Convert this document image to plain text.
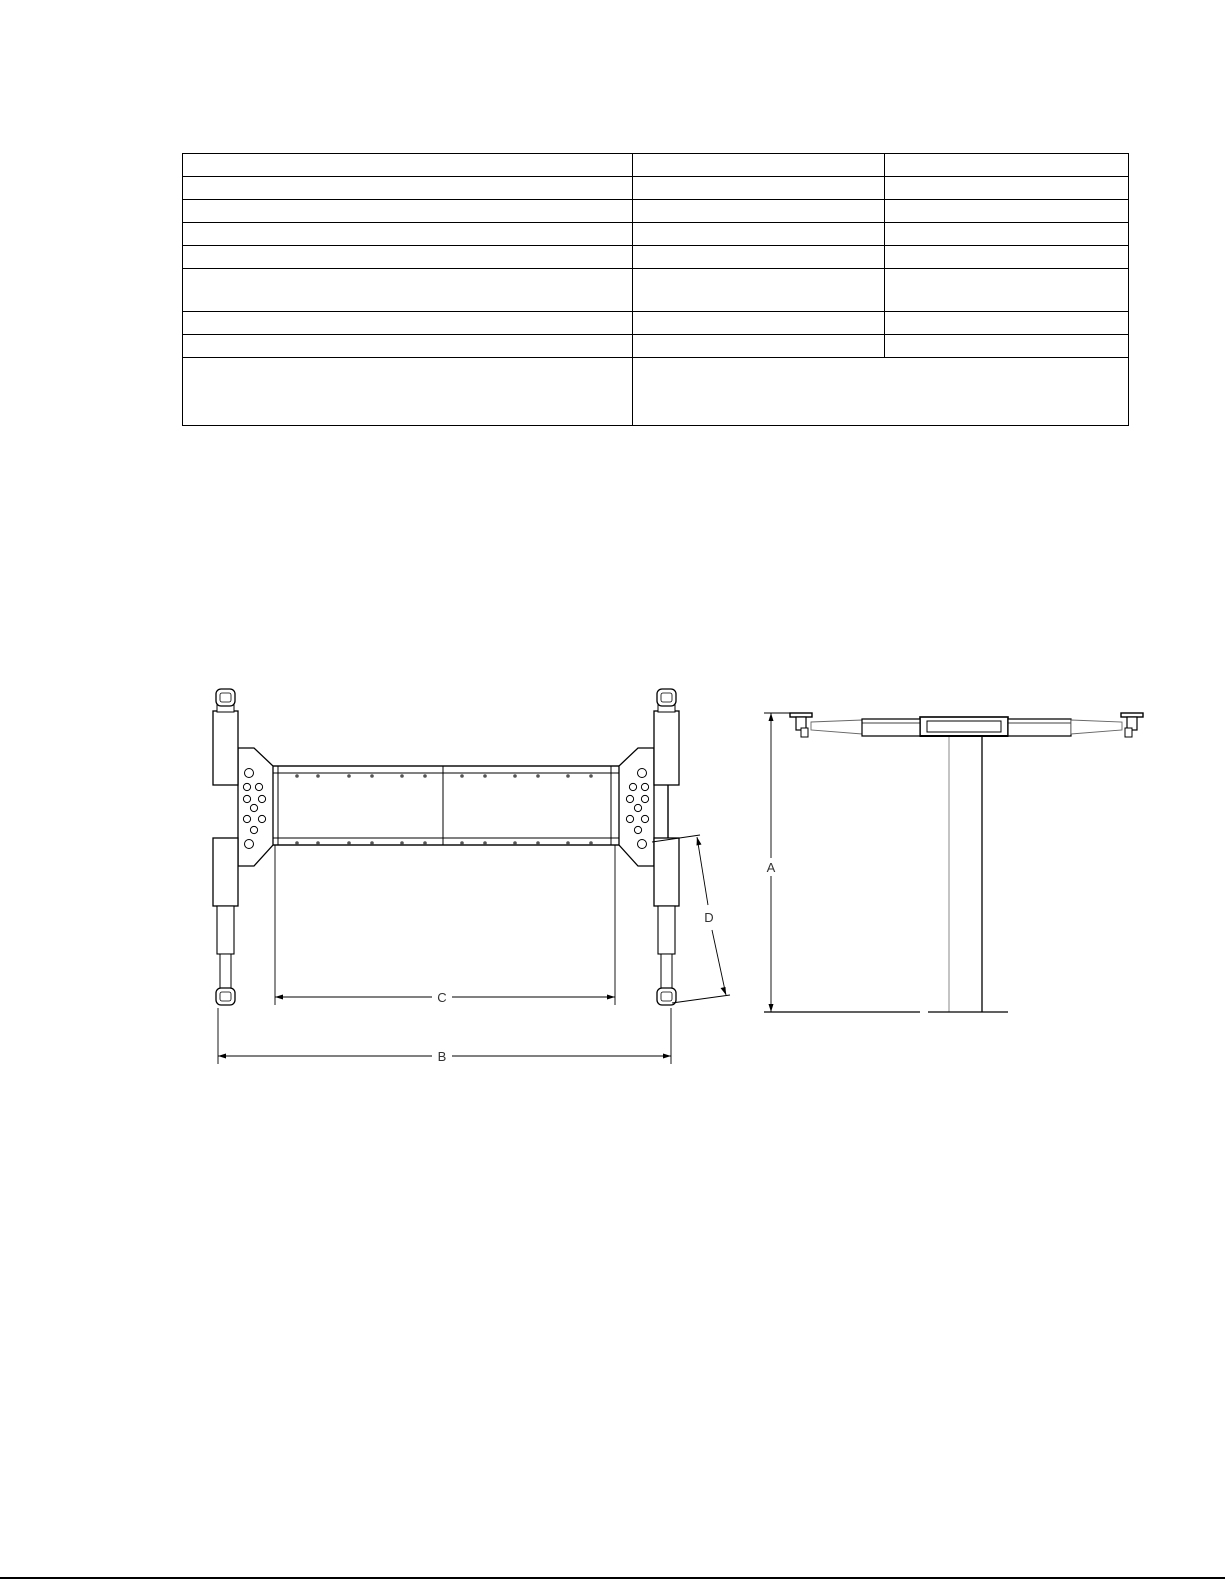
C
B
D
A
